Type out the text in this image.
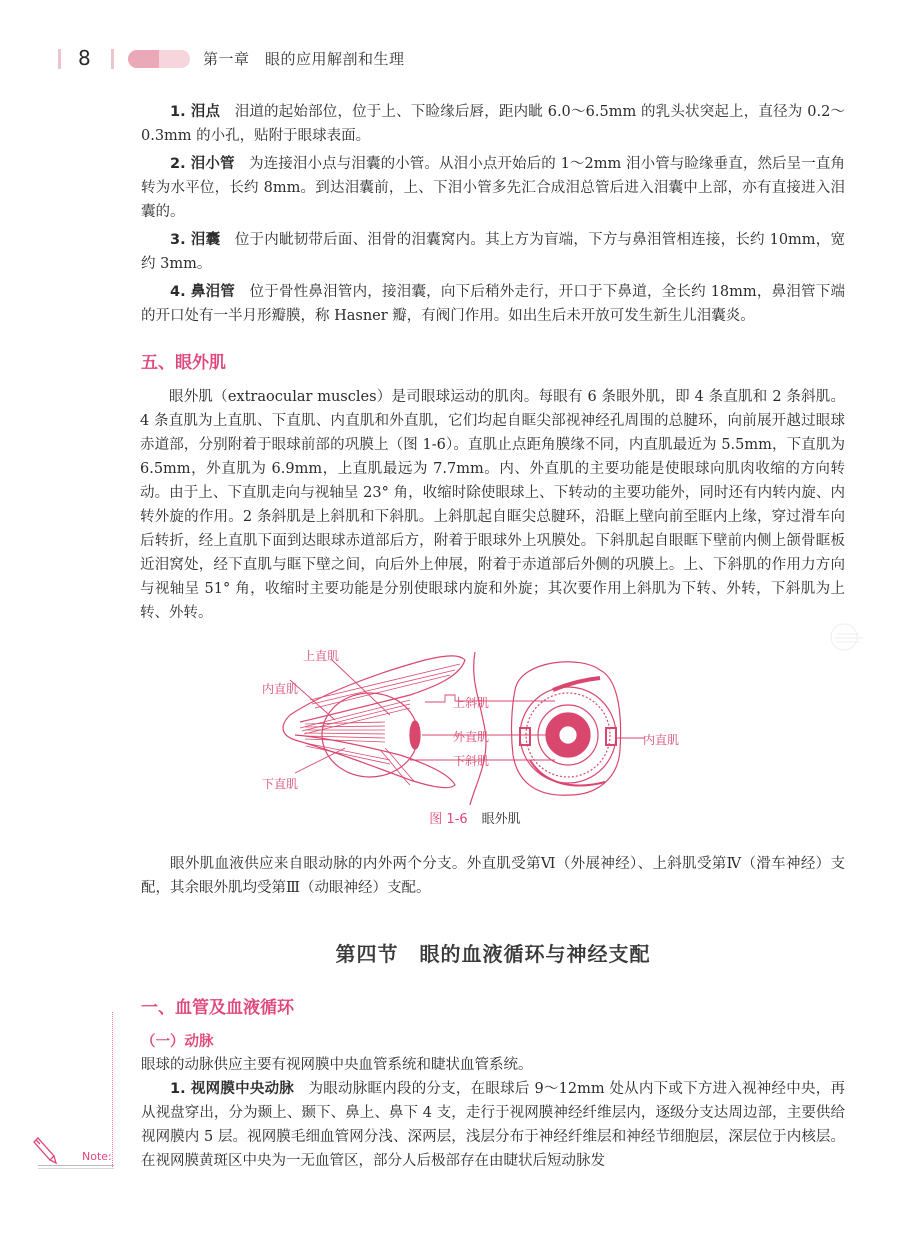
8	第一章　眼的应用解剖和生理

1. 泪点 泪道的起始部位，位于上、下睑缘后唇，距内眦 6.0～6.5mm 的乳头状突起上，直径为 0.2～0.3mm 的小孔，贴附于眼球表面。

2. 泪小管 为连接泪小点与泪囊的小管。从泪小点开始后的 1～2mm 泪小管与睑缘垂直，然后呈一直角转为水平位，长约 8mm。到达泪囊前，上、下泪小管多先汇合成泪总管后进入泪囊中上部，亦有直接进入泪囊的。

3. 泪囊 位于内眦韧带后面、泪骨的泪囊窝内。其上方为盲端，下方与鼻泪管相连接，长约 10mm，宽约 3mm。

4. 鼻泪管 位于骨性鼻泪管内，接泪囊，向下后稍外走行，开口于下鼻道，全长约 18mm，鼻泪管下端的开口处有一半月形瓣膜，称 Hasner 瓣，有阀门作用。如出生后未开放可发生新生儿泪囊炎。

五、眼外肌

眼外肌（extraocular muscles）是司眼球运动的肌肉。每眼有 6 条眼外肌，即 4 条直肌和 2 条斜肌。4 条直肌为上直肌、下直肌、内直肌和外直肌，它们均起自眶尖部视神经孔周围的总腱环，向前展开越过眼球赤道部，分别附着于眼球前部的巩膜上（图 1-6）。直肌止点距角膜缘不同，内直肌最近为 5.5mm，下直肌为 6.5mm，外直肌为 6.9mm，上直肌最远为 7.7mm。内、外直肌的主要功能是使眼球向肌肉收缩的方向转动。由于上、下直肌走向与视轴呈 23° 角，收缩时除使眼球上、下转动的主要功能外，同时还有内转内旋、内转外旋的作用。2 条斜肌是上斜肌和下斜肌。上斜肌起自眶尖总腱环，沿眶上壁向前至眶内上缘，穿过滑车向后转折，经上直肌下面到达眼球赤道部后方，附着于眼球外上巩膜处。下斜肌起自眼眶下壁前内侧上颌骨眶板近泪窝处，经下直肌与眶下壁之间，向后外上伸展，附着于赤道部后外侧的巩膜上。上、下斜肌的作用力方向与视轴呈 51° 角，收缩时主要功能是分别使眼球内旋和外旋；其次要作用上斜肌为下转、外转，下斜肌为上转、外转。

上直肌
内直肌
下直肌
上斜肌
外直肌
下斜肌
内直肌
图 1-6 眼外肌

眼外肌血液供应来自眼动脉的内外两个分支。外直肌受第Ⅵ（外展神经）、上斜肌受第Ⅳ（滑车神经）支配，其余眼外肌均受第Ⅲ（动眼神经）支配。

第四节　眼的血液循环与神经支配
一、血管及血液循环
（一）动脉

眼球的动脉供应主要有视网膜中央血管系统和睫状血管系统。

1. 视网膜中央动脉 为眼动脉眶内段的分支，在眼球后 9～12mm 处从内下或下方进入视神经中央，再从视盘穿出，分为颞上、颞下、鼻上、鼻下 4 支，走行于视网膜神经纤维层内，逐级分支达周边部，主要供给视网膜内 5 层。视网膜毛细血管网分浅、深两层，浅层分布于神经纤维层和神经节细胞层，深层位于内核层。在视网膜黄斑区中央为一无血管区，部分人后极部存在由睫状后短动脉发

Note:
